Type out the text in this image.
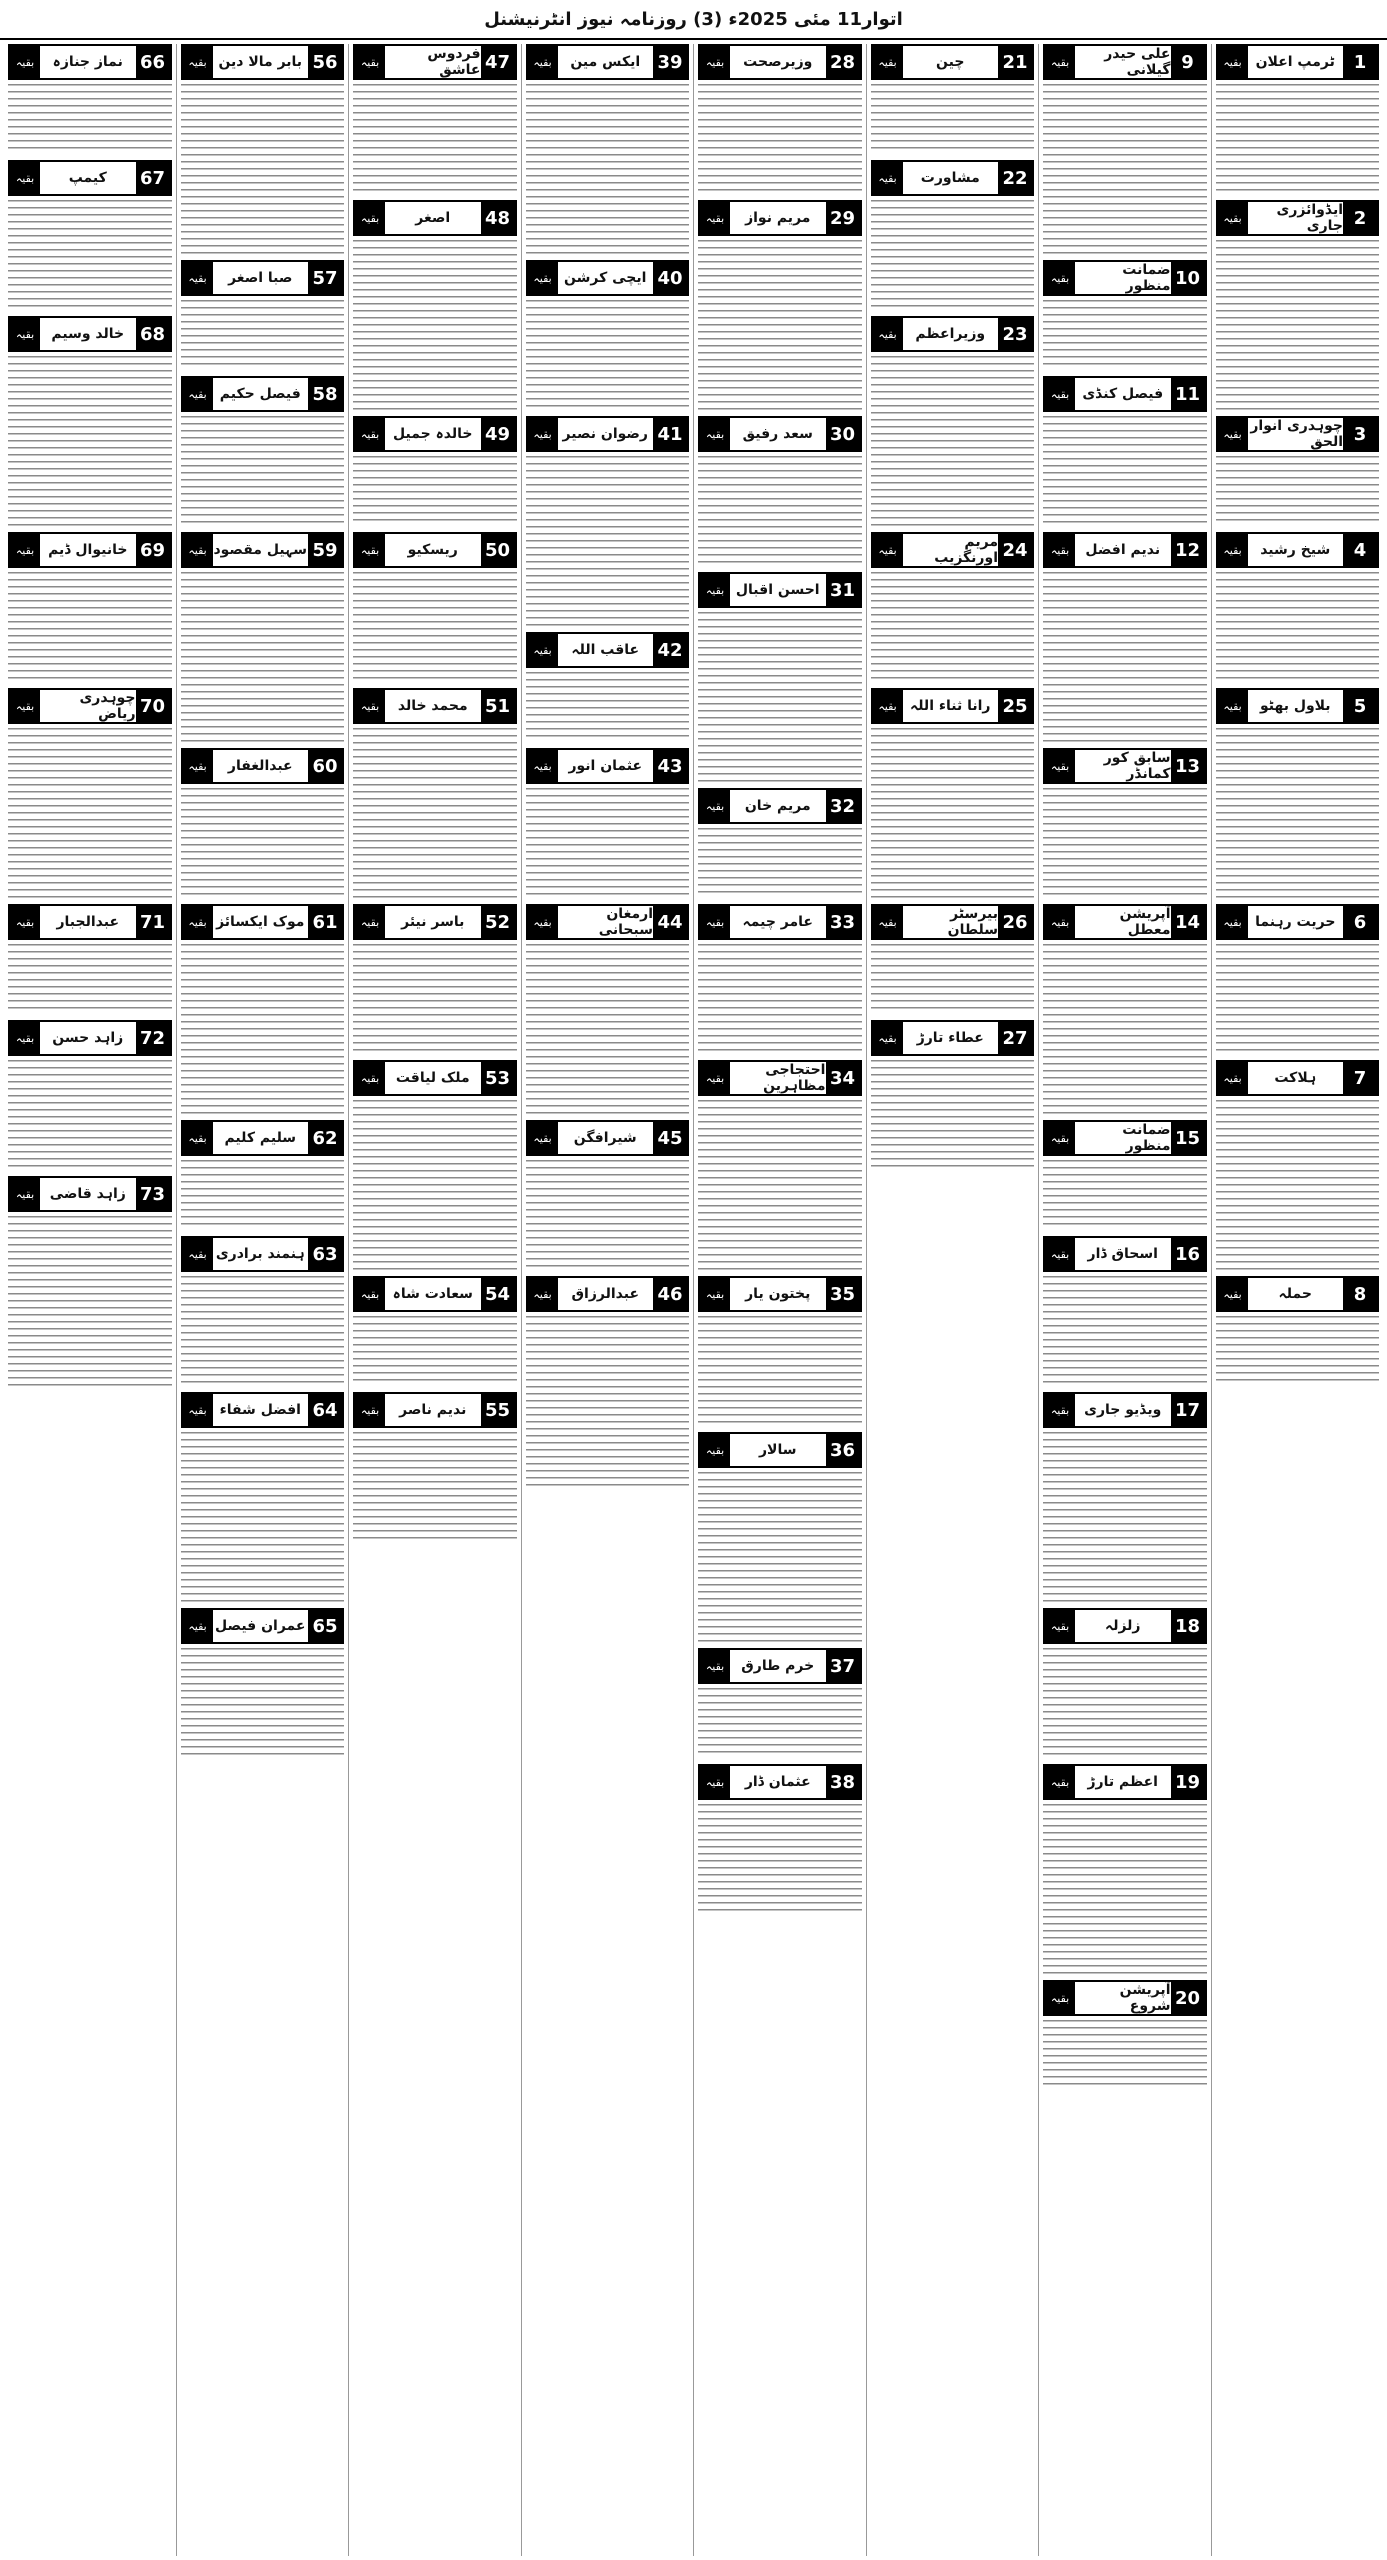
اتوار11 مئی 2025ء (3) روزنامہ نیوز انٹرنیشنل
1
ٹرمپ اعلان
بقیہ
2
ایڈوائزری جاری
بقیہ
3
چوہدری انوار الحق
بقیہ
4
شیخ رشید
بقیہ
5
بلاول بھٹو
بقیہ
6
حریت رہنما
بقیہ
7
ہلاکت
بقیہ
8
حملہ
بقیہ
9
علی حیدر گیلانی
بقیہ
10
ضمانت منظور
بقیہ
11
فیصل کنڈی
بقیہ
12
ندیم افضل
بقیہ
13
سابق کور کمانڈر
بقیہ
14
آپریشن معطل
بقیہ
15
ضمانت منظور
بقیہ
16
اسحاق ڈار
بقیہ
17
ویڈیو جاری
بقیہ
18
زلزلہ
بقیہ
19
اعظم تارڑ
بقیہ
20
آپریشن شروع
بقیہ
21
چین
بقیہ
22
مشاورت
بقیہ
23
وزیراعظم
بقیہ
24
مریم اورنگزیب
بقیہ
25
رانا ثناء اللہ
بقیہ
26
بیرسٹر سلطان
بقیہ
27
عطاء تارڑ
بقیہ
28
وزیرصحت
بقیہ
29
مریم نواز
بقیہ
30
سعد رفیق
بقیہ
31
احسن اقبال
بقیہ
32
مریم خان
بقیہ
33
عامر چیمہ
بقیہ
34
احتجاجی مظاہرین
بقیہ
35
پختون یار
بقیہ
36
سالار
بقیہ
37
خرم طارق
بقیہ
38
عثمان ڈار
بقیہ
39
ایکس مین
بقیہ
40
ایچی کرشن
بقیہ
41
رضوان نصیر
بقیہ
42
عاقب اللہ
بقیہ
43
عثمان انور
بقیہ
44
ارمغان سبحانی
بقیہ
45
شیرافگن
بقیہ
46
عبدالرزاق
بقیہ
47
فردوس عاشق
بقیہ
48
اصغر
بقیہ
49
خالدہ جمیل
بقیہ
50
ریسکیو
بقیہ
51
محمد خالد
بقیہ
52
باسر نیئر
بقیہ
53
ملک لیاقت
بقیہ
54
سعادت شاہ
بقیہ
55
ندیم ناصر
بقیہ
56
بابر مالا دین
بقیہ
57
صبا اصغر
بقیہ
58
فیصل حکیم
بقیہ
59
سہیل مقصود
بقیہ
60
عبدالغفار
بقیہ
61
موک ایکسائز
بقیہ
62
سلیم کلیم
بقیہ
63
ہنمند برادری
بقیہ
64
افضل شفاء
بقیہ
65
عمران فیصل
بقیہ
66
نماز جنازہ
بقیہ
67
کیمپ
بقیہ
68
خالد وسیم
بقیہ
69
خانیوال ڈیم
بقیہ
70
چوہدری ریاض
بقیہ
71
عبدالجبار
بقیہ
72
زاہد حسن
بقیہ
73
زاہد قاضی
بقیہ
